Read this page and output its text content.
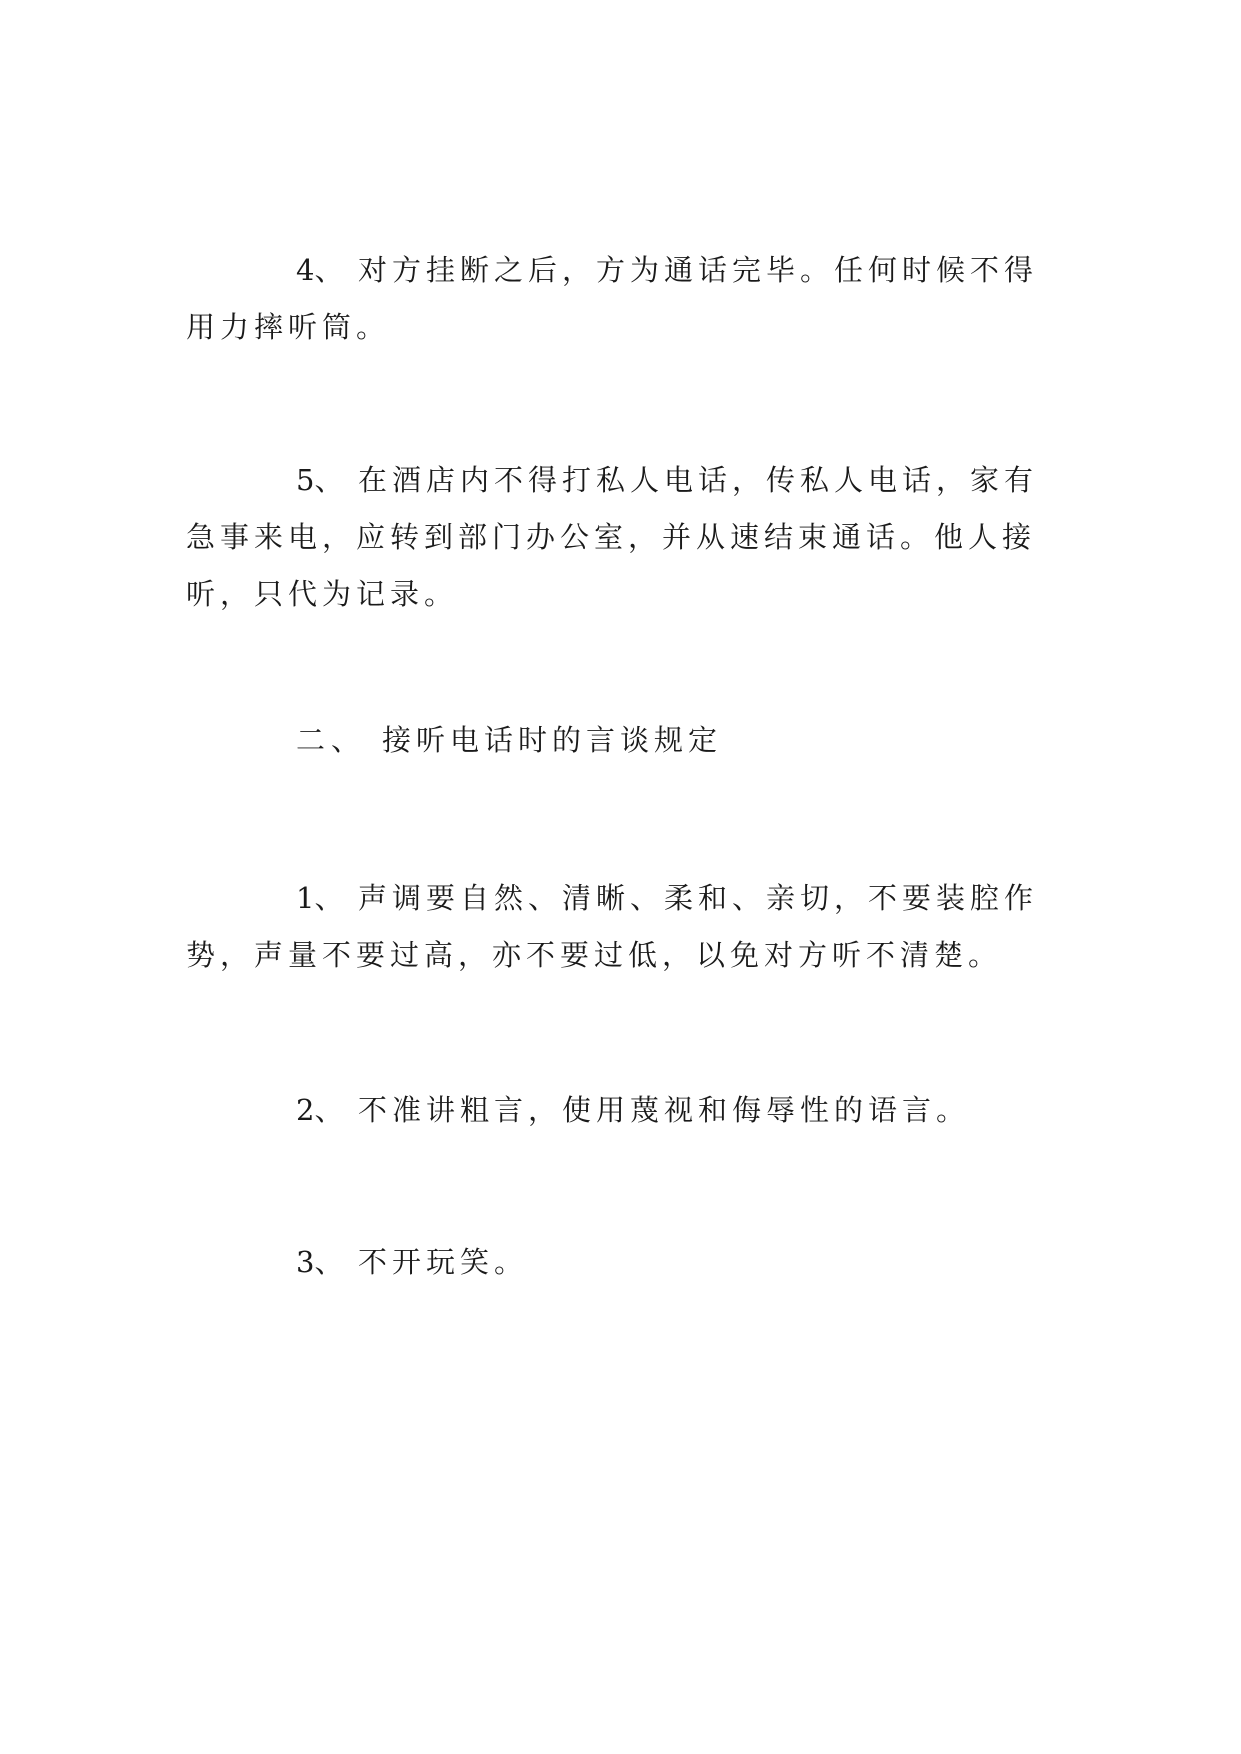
4、 对方挂断之后，方为通话完毕。任何时候不得用力摔听筒。

5、 在酒店内不得打私人电话，传私人电话，家有急事来电，应转到部门办公室，并从速结束通话。他人接听，只代为记录。

二、 接听电话时的言谈规定

1、 声调要自然、清晰、柔和、亲切，不要装腔作势，声量不要过高，亦不要过低，以免对方听不清楚。

2、 不准讲粗言，使用蔑视和侮辱性的语言。

3、 不开玩笑。
